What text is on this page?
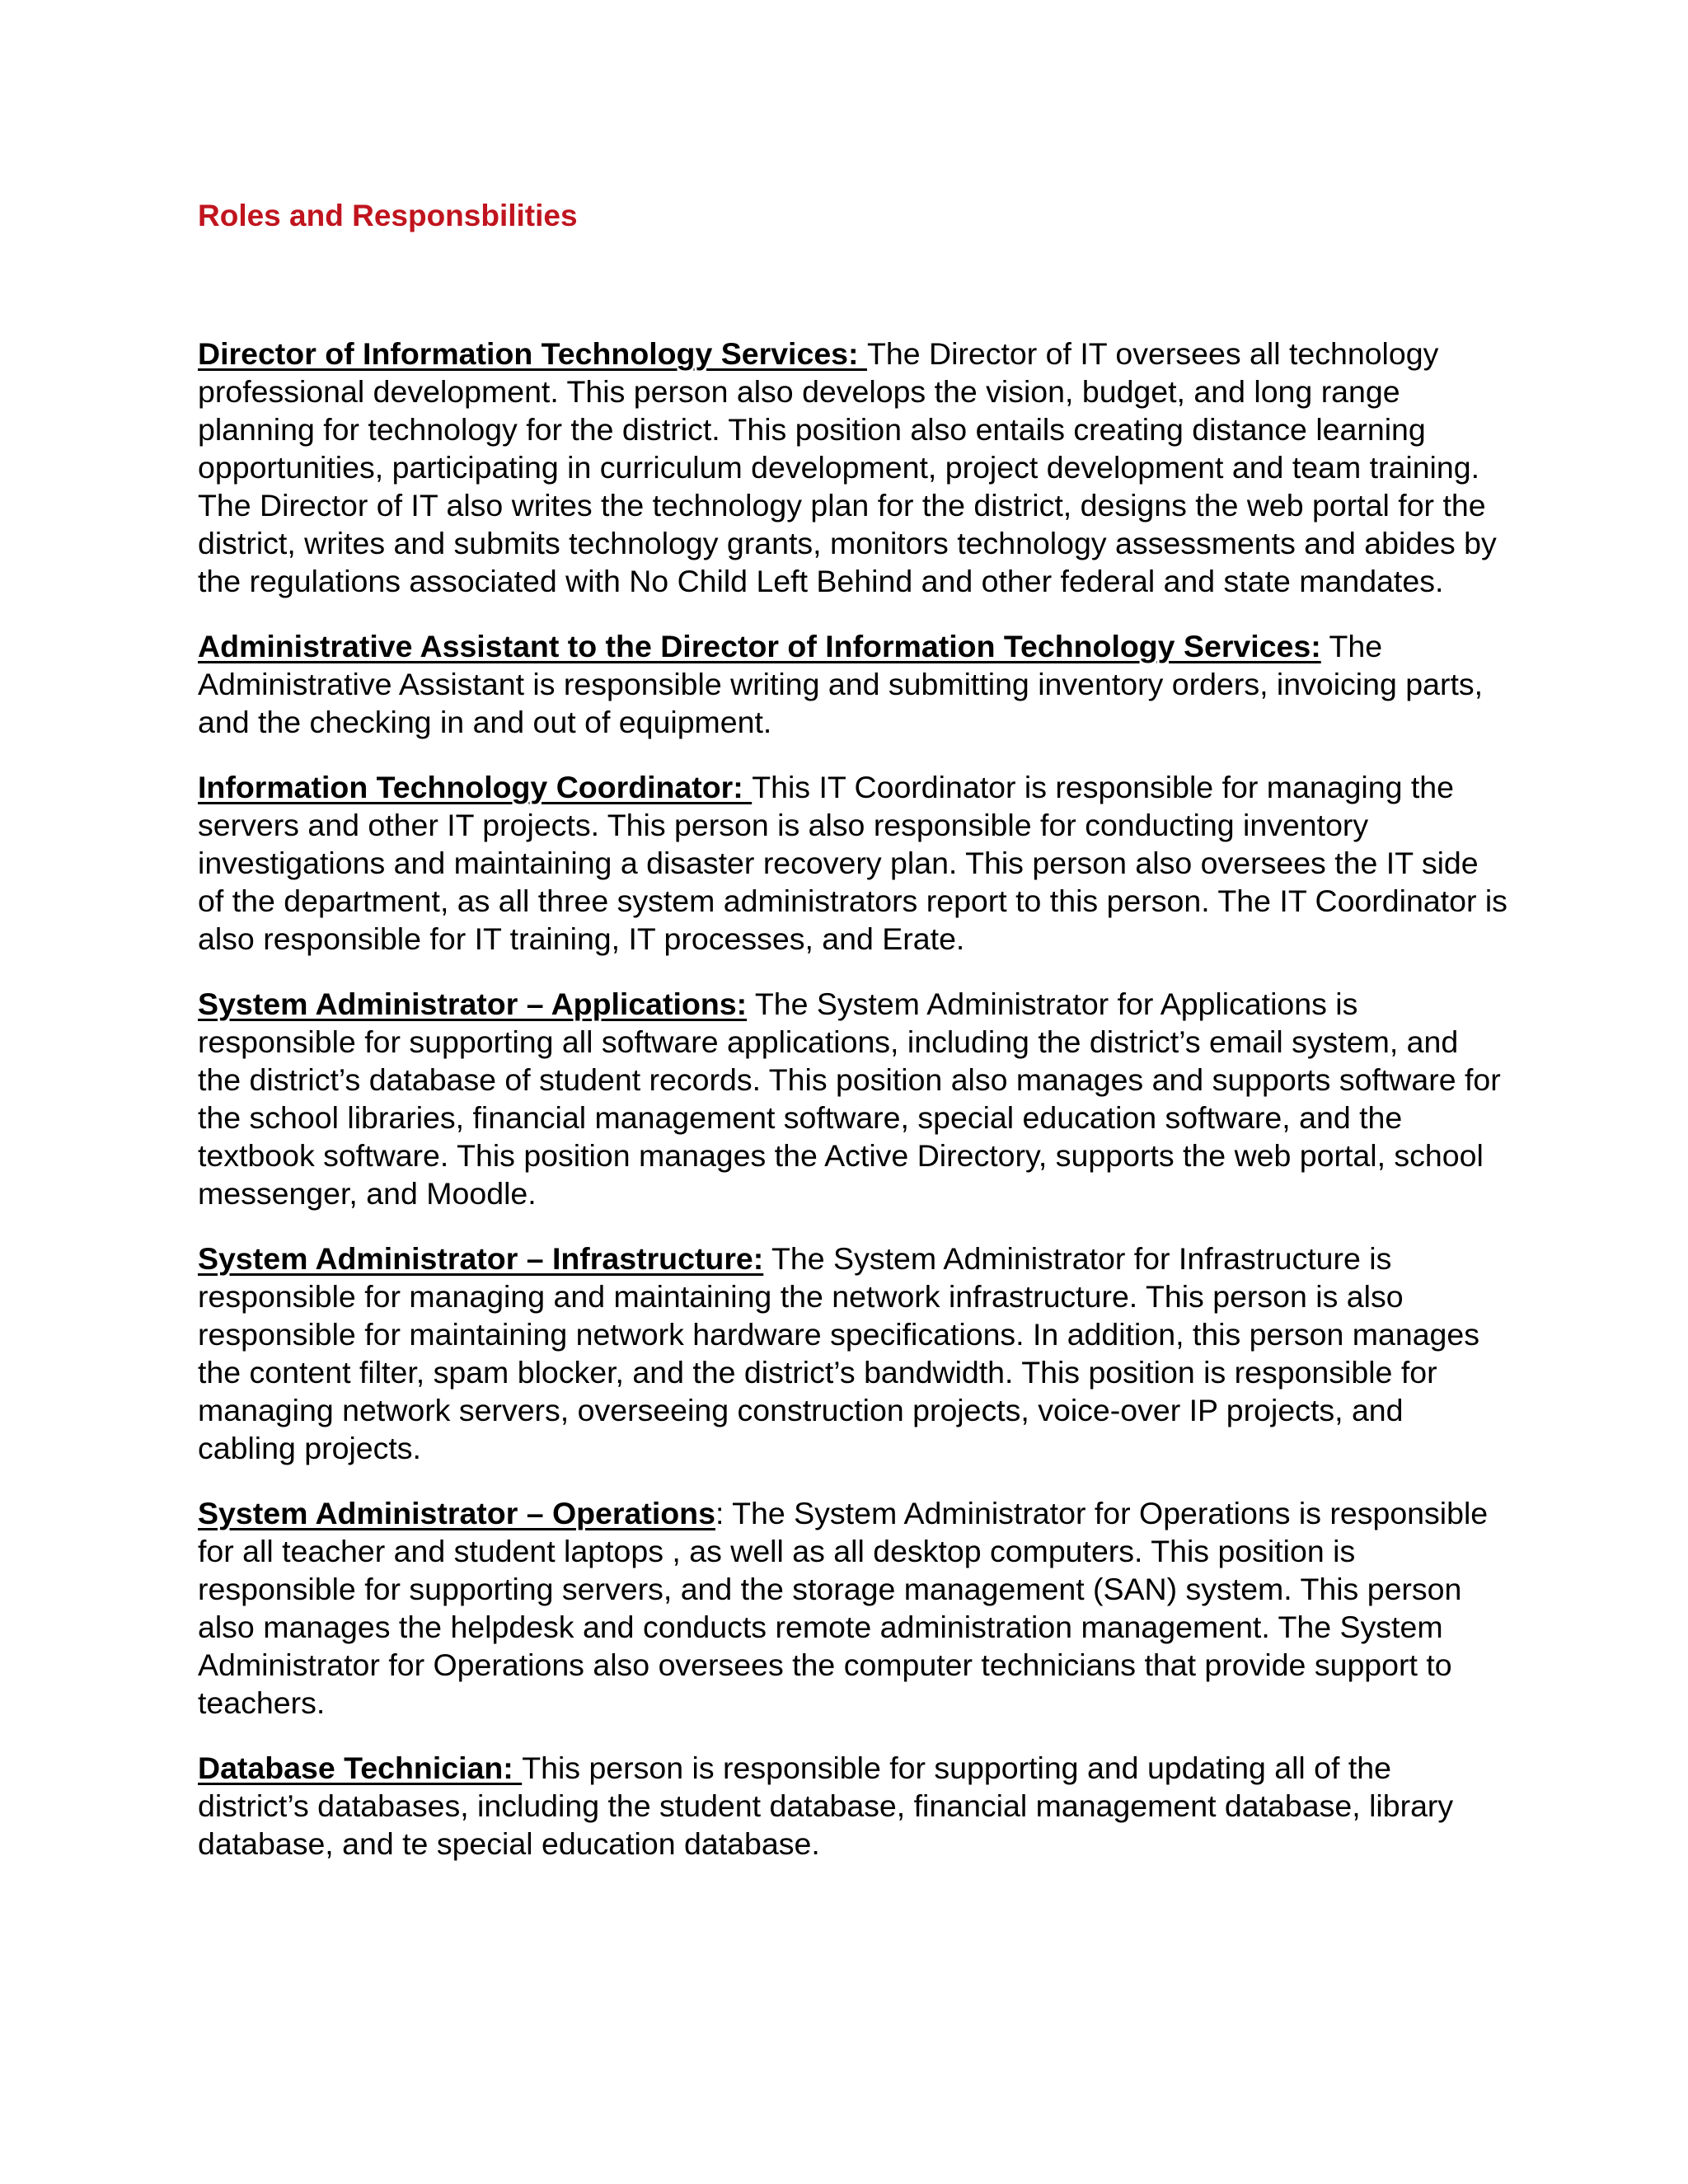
Roles and Responsbilities

Director of Information Technology Services: The Director of IT oversees all technology professional development. This person also develops the vision, budget, and long range planning for technology for the district. This position also entails creating distance learning opportunities, participating in curriculum development, project development and team training. The Director of IT also writes the technology plan for the district, designs the web portal for the district, writes and submits technology grants, monitors technology assessments and abides by the regulations associated with No Child Left Behind and other federal and state mandates.

Administrative Assistant to the Director of Information Technology Services: The Administrative Assistant is responsible writing and submitting inventory orders, invoicing parts, and the checking in and out of equipment.

Information Technology Coordinator: This IT Coordinator is responsible for managing the servers and other IT projects. This person is also responsible for conducting inventory investigations and maintaining a disaster recovery plan. This person also oversees the IT side of the department, as all three system administrators report to this person. The IT Coordinator is also responsible for IT training, IT processes, and Erate.

System Administrator – Applications: The System Administrator for Applications is responsible for supporting all software applications, including the district’s email system, and the district’s database of student records. This position also manages and supports software for the school libraries, financial management software, special education software, and the textbook software. This position manages the Active Directory, supports the web portal, school messenger, and Moodle.

System Administrator – Infrastructure: The System Administrator for Infrastructure is responsible for managing and maintaining the network infrastructure. This person is also responsible for maintaining network hardware specifications. In addition, this person manages the content filter, spam blocker, and the district’s bandwidth. This position is responsible for managing network servers, overseeing construction projects, voice-over IP projects, and cabling projects.

System Administrator – Operations: The System Administrator for Operations is responsible for all teacher and student laptops , as well as all desktop computers. This position is responsible for supporting servers, and the storage management (SAN) system. This person also manages the helpdesk and conducts remote administration management. The System Administrator for Operations also oversees the computer technicians that provide support to teachers.

Database Technician: This person is responsible for supporting and updating all of the district’s databases, including the student database, financial management database, library database, and te special education database.
